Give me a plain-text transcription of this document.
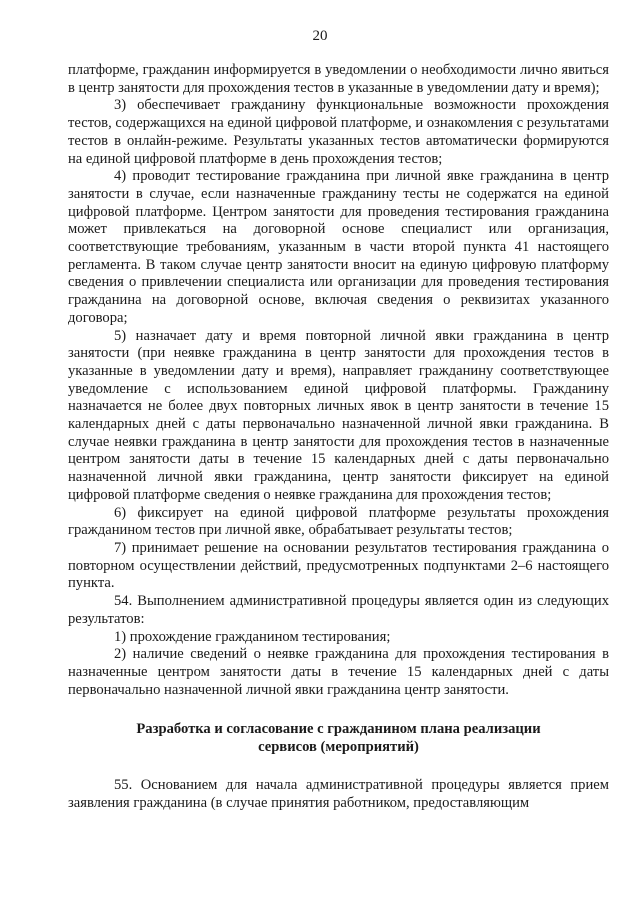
20

платформе, гражданин информируется в уведомлении о необходимости лично явиться в центр занятости для прохождения тестов в указанные в уведомлении дату и время);

3) обеспечивает гражданину функциональные возможности прохождения тестов, содержащихся на единой цифровой платформе, и ознакомления с результатами тестов в онлайн-режиме. Результаты указанных тестов автоматически формируются на единой цифровой платформе в день прохождения тестов;

4) проводит тестирование гражданина при личной явке гражданина в центр занятости в случае, если назначенные гражданину тесты не содержатся на единой цифровой платформе. Центром занятости для проведения тестирования гражданина может привлекаться на договорной основе специалист или организация, соответствующие требованиям, указанным в части второй пункта 41 настоящего регламента. В таком случае центр занятости вносит на единую цифровую платформу сведения о привлечении специалиста или организации для проведения тестирования гражданина на договорной основе, включая сведения о реквизитах указанного договора;

5) назначает дату и время повторной личной явки гражданина в центр занятости (при неявке гражданина в центр занятости для прохождения тестов в указанные в уведомлении дату и время), направляет гражданину соответствующее уведомление с использованием единой цифровой платформы. Гражданину назначается не более двух повторных личных явок в центр занятости в течение 15 календарных дней с даты первоначально назначенной личной явки гражданина. В случае неявки гражданина в центр занятости для прохождения тестов в назначенные центром занятости даты в течение 15 календарных дней с даты первоначально назначенной личной явки гражданина, центр занятости фиксирует на единой цифровой платформе сведения о неявке гражданина для прохождения тестов;

6) фиксирует на единой цифровой платформе результаты прохождения гражданином тестов при личной явке, обрабатывает результаты тестов;

7) принимает решение на основании результатов тестирования гражданина о повторном осуществлении действий, предусмотренных подпунктами 2–6 настоящего пункта.

54. Выполнением административной процедуры является один из следующих результатов:

1) прохождение гражданином тестирования;

2) наличие сведений о неявке гражданина для прохождения тестирования в назначенные центром занятости даты в течение 15 календарных дней с даты первоначально назначенной личной явки гражданина центр занятости.

Разработка и согласование с гражданином плана реализации
сервисов (мероприятий)

55. Основанием для начала административной процедуры является прием заявления гражданина (в случае принятия работником, предоставляющим
